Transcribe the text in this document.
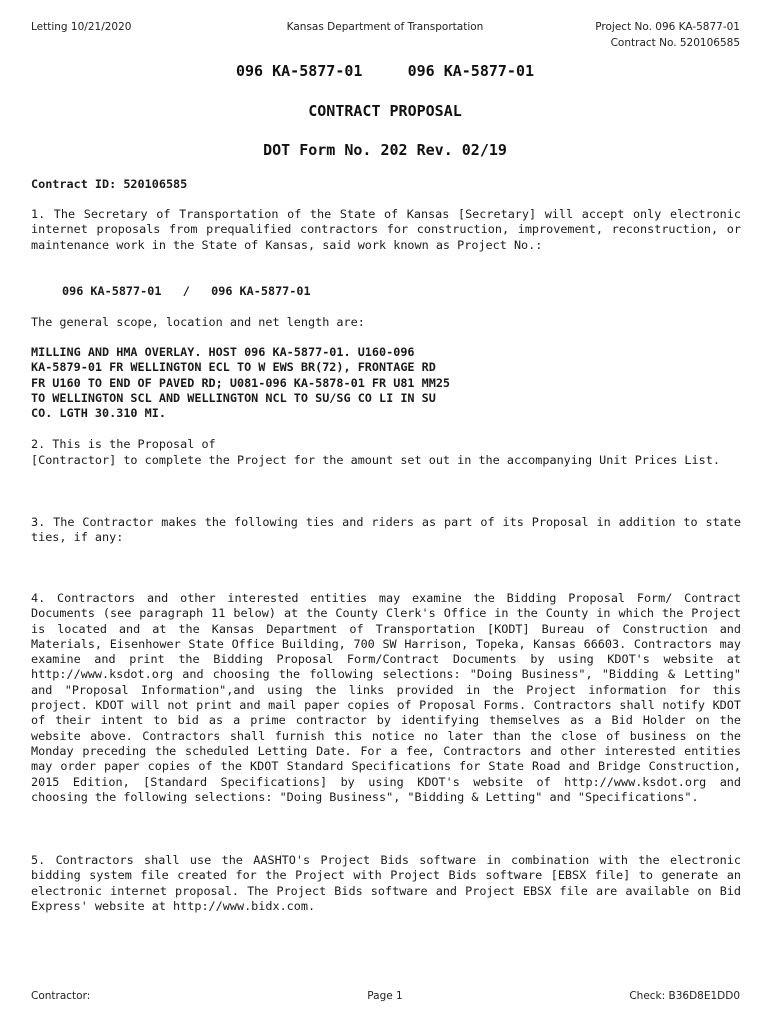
Letting 10/21/2020	Kansas Department of Transportation	Project No. 096 KA-5877-01
Contract No. 520106585
096 KA-5877-01     096 KA-5877-01
CONTRACT PROPOSAL
DOT Form No. 202 Rev. 02/19

Contract ID: 520106585

1. The Secretary of Transportation of the State of Kansas [Secretary] will accept only electronic internet proposals from prequalified contractors for construction, improvement, reconstruction, or maintenance work in the State of Kansas, said work known as Project No.:

096 KA-5877-01   /   096 KA-5877-01

The general scope, location and net length are:

MILLING AND HMA OVERLAY. HOST 096 KA-5877-01. U160-096
KA-5879-01 FR WELLINGTON ECL TO W EWS BR(72), FRONTAGE RD
FR U160 TO END OF PAVED RD; U081-096 KA-5878-01 FR U81 MM25
TO WELLINGTON SCL AND WELLINGTON NCL TO SU/SG CO LI IN SU
CO. LGTH 30.310 MI.

2. This is the Proposal of

[Contractor] to complete the Project for the amount set out in the accompanying Unit Prices List.

3. The Contractor makes the following ties and riders as part of its Proposal in addition to state ties, if any:

4. Contractors and other interested entities may examine the Bidding Proposal Form/ Contract Documents (see paragraph 11 below) at the County Clerk's Office in the County in which the Project is located and at the Kansas Department of Transportation [KODT] Bureau of Construction and Materials, Eisenhower State Office Building, 700 SW Harrison, Topeka, Kansas 66603. Contractors may examine and print the Bidding Proposal Form/Contract Documents by using KDOT's website at http://www.ksdot.org and choosing the following selections: "Doing Business", "Bidding & Letting" and "Proposal Information",and using the links provided in the Project information for this project. KDOT will not print and mail paper copies of Proposal Forms. Contractors shall notify KDOT of their intent to bid as a prime contractor by identifying themselves as a Bid Holder on the website above. Contractors shall furnish this notice no later than the close of business on the Monday preceding the scheduled Letting Date. For a fee, Contractors and other interested entities may order paper copies of the KDOT Standard Specifications for State Road and Bridge Construction, 2015 Edition, [Standard Specifications] by using KDOT's website of http://www.ksdot.org and choosing the following selections: "Doing Business", "Bidding & Letting" and "Specifications".

5. Contractors shall use the AASHTO's Project Bids software in combination with the electronic bidding system file created for the Project with Project Bids software [EBSX file] to generate an electronic internet proposal. The Project Bids software and Project EBSX file are available on Bid Express' website at http://www.bidx.com.

Contractor:	Page 1	Check: B36D8E1DD0
